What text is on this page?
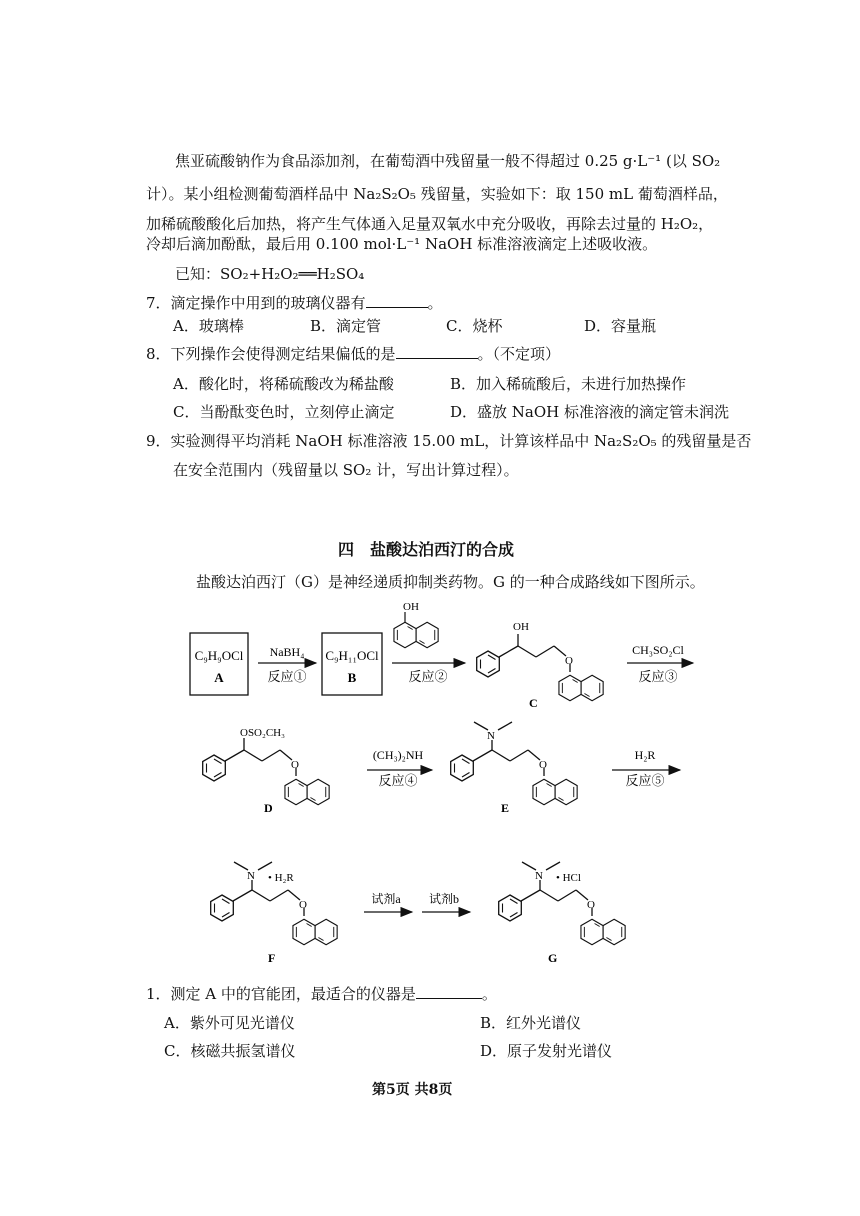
焦亚硫酸钠作为食品添加剂，在葡萄酒中残留量一般不得超过 0.25 g·L⁻¹ (以 SO₂
计）。某小组检测葡萄酒样品中 Na₂S₂O₅ 残留量，实验如下：取 150 mL 葡萄酒样品，
加稀硫酸酸化后加热，将产生气体通入足量双氧水中充分吸收，再除去过量的 H₂O₂，
冷却后滴加酚酞，最后用 0.100 mol·L⁻¹ NaOH 标准溶液滴定上述吸收液。
已知：SO₂+H₂O₂══H₂SO₄
7．滴定操作中用到的玻璃仪器有	。
A．玻璃棒	B．滴定管	C．烧杯	D．容量瓶
8．下列操作会使得测定结果偏低的是	。（不定项）
A．酸化时，将稀硫酸改为稀盐酸	B．加入稀硫酸后，未进行加热操作
C．当酚酞变色时，立刻停止滴定	D．盛放 NaOH 标准溶液的滴定管未润洗
9．实验测得平均消耗 NaOH 标准溶液 15.00 mL，计算该样品中 Na₂S₂O₅ 的残留量是否
在安全范围内（残留量以 SO₂ 计，写出计算过程）。
四　盐酸达泊西汀的合成
盐酸达泊西汀（G）是神经递质抑制类药物。G 的一种合成路线如下图所示。
C₉H₉OCl
A
NaBH₄
反应①
C₉H₁₁OCl
B
OH
反应②
OH
O
C
CH₃SO₂Cl
反应③
OSO₂CH₃
O
D
(CH₃)₂NH
反应④
N
O
E
H₂R
反应⑤
N • H₂R
O
F
试剂a 试剂b
N • HCl
O
G
1．测定 A 中的官能团，最适合的仪器是	。
A．紫外可见光谱仪	B．红外光谱仪
C．核磁共振氢谱仪	D．原子发射光谱仪
第5页 共8页
